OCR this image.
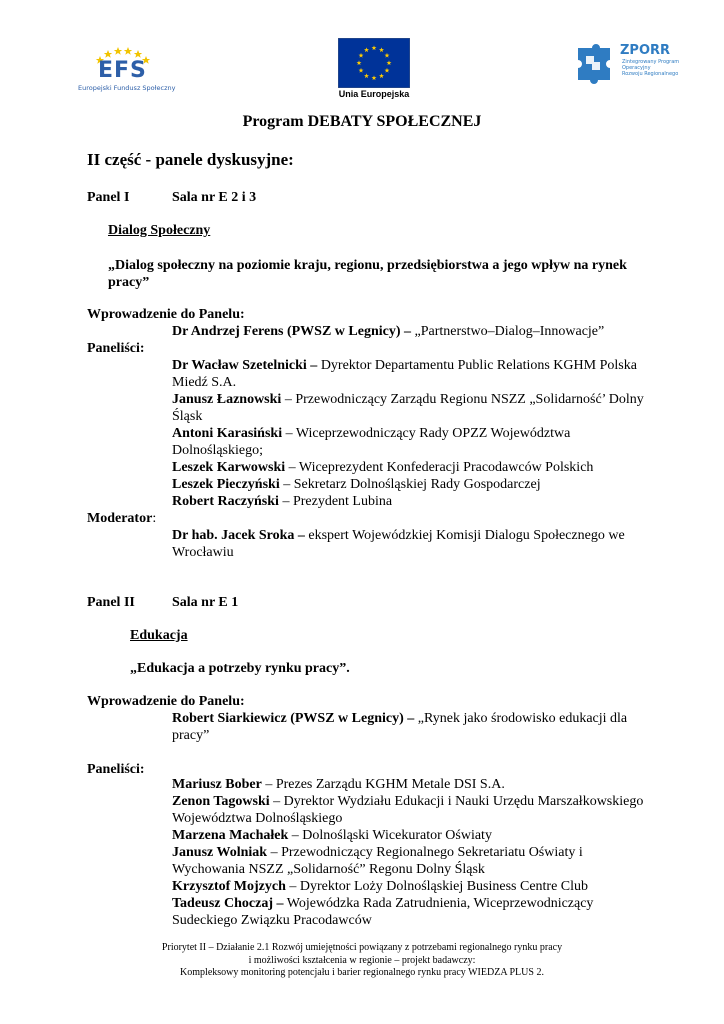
EFS
Europejski Fundusz Społeczny
Unia Europejska
ZPORR
Zintegrowany Program
Operacyjny
Rozwoju Regionalnego
Program DEBATY SPOŁECZNEJ
II część - panele dyskusyjne:
Panel I	Sala nr E 2 i 3
Dialog Społeczny
„Dialog społeczny na poziomie kraju, regionu, przedsiębiorstwa a jego wpływ na rynek
pracy”
Wprowadzenie do Panelu:
Dr Andrzej Ferens (PWSZ w Legnicy) – „Partnerstwo–Dialog–Innowacje”
Paneliści:
Dr Wacław Szetelnicki – Dyrektor Departamentu Public Relations KGHM Polska
Miedź S.A.
Janusz Łaznowski – Przewodniczący Zarządu Regionu NSZZ „Solidarność’ Dolny
Śląsk
Antoni Karasiński – Wiceprzewodniczący Rady OPZZ Województwa
Dolnośląskiego;
Leszek Karwowski – Wiceprezydent Konfederacji Pracodawców Polskich
Leszek Pieczyński – Sekretarz Dolnośląskiej Rady Gospodarczej
Robert Raczyński – Prezydent Lubina
Moderator:
Dr hab. Jacek Sroka – ekspert Wojewódzkiej Komisji Dialogu Społecznego we
Wrocławiu
Panel II	Sala nr E 1
Edukacja
„Edukacja a potrzeby rynku pracy”.
Wprowadzenie do Panelu:
Robert Siarkiewicz (PWSZ w Legnicy) – „Rynek jako środowisko edukacji dla
pracy”
Paneliści:
Mariusz Bober – Prezes Zarządu KGHM Metale DSI S.A.
Zenon Tagowski – Dyrektor Wydziału Edukacji i Nauki Urzędu Marszałkowskiego
Województwa Dolnośląskiego
Marzena Machałek – Dolnośląski Wicekurator Oświaty
Janusz Wolniak – Przewodniczący Regionalnego Sekretariatu Oświaty i
Wychowania NSZZ „Solidarność” Regonu Dolny Śląsk
Krzysztof Mojzych – Dyrektor Loży Dolnośląskiej Business Centre Club
Tadeusz Choczaj – Wojewódzka Rada Zatrudnienia, Wiceprzewodniczący
Sudeckiego Związku Pracodawców
Priorytet II – Działanie 2.1 Rozwój umiejętności powiązany z potrzebami regionalnego rynku pracy
i możliwości kształcenia w regionie – projekt badawczy:
Kompleksowy monitoring potencjału i barier regionalnego rynku pracy WIEDZA PLUS 2.
